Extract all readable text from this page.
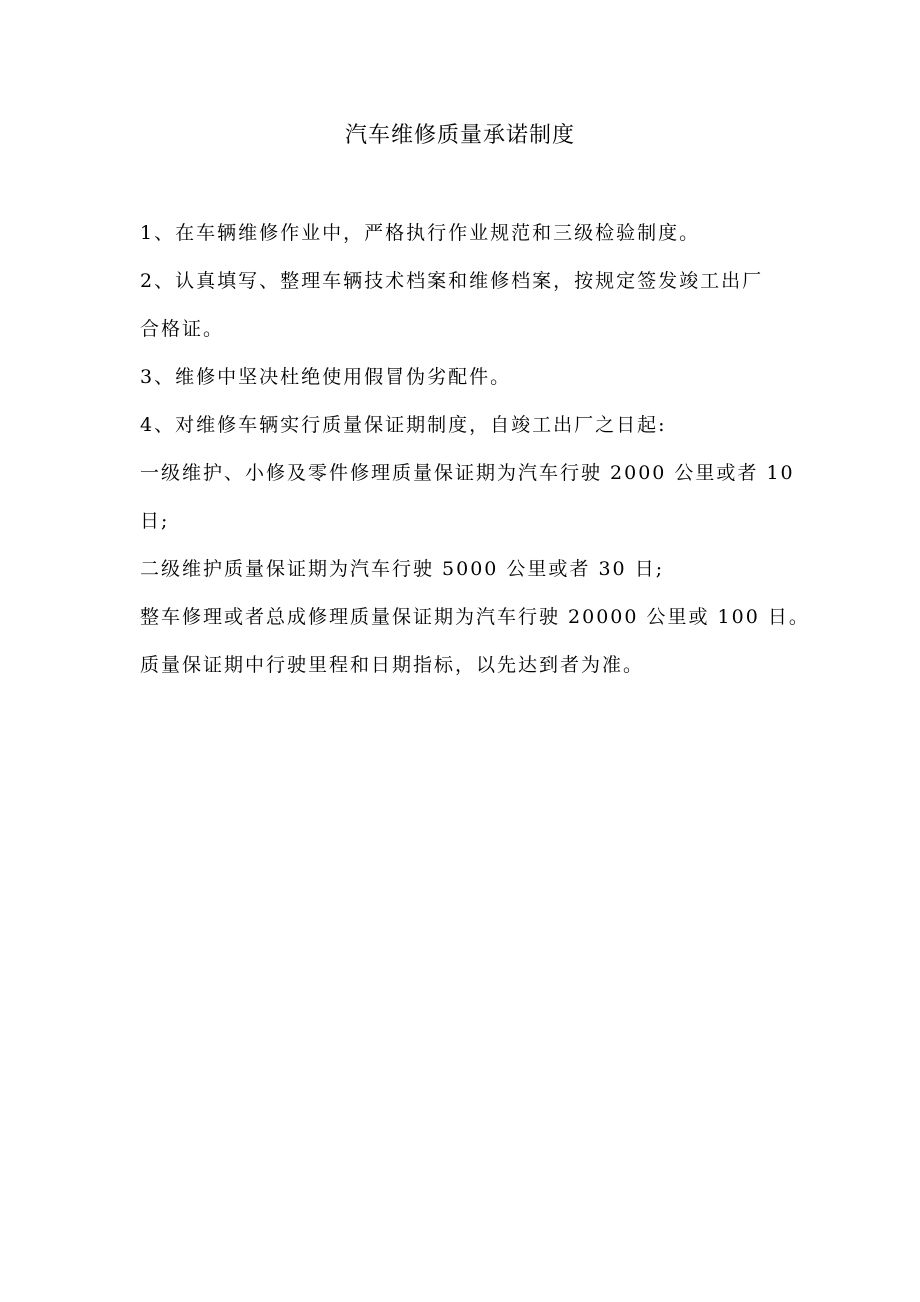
汽车维修质量承诺制度
1、在车辆维修作业中，严格执行作业规范和三级检验制度。
2、认真填写、整理车辆技术档案和维修档案，按规定签发竣工出厂
合格证。
3、维修中坚决杜绝使用假冒伪劣配件。
4、对维修车辆实行质量保证期制度，自竣工出厂之日起:
一级维护、小修及零件修理质量保证期为汽车行驶 2000 公里或者 10
日;
二级维护质量保证期为汽车行驶 5000 公里或者 30 日;
整车修理或者总成修理质量保证期为汽车行驶 20000 公里或 100 日。
质量保证期中行驶里程和日期指标，以先达到者为准。
